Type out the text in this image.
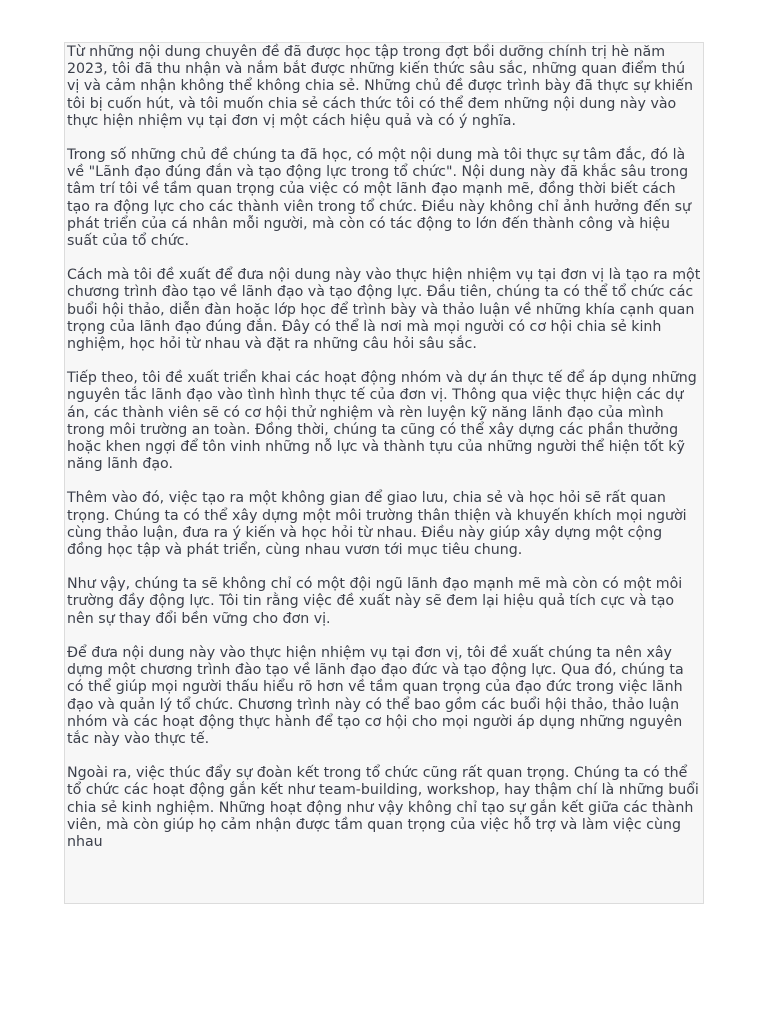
Từ những nội dung chuyên đề đã được học tập trong đợt bồi dưỡng chính trị hè năm 2023, tôi đã thu nhận và nắm bắt được những kiến thức sâu sắc, những quan điểm thú vị và cảm nhận không thể không chia sẻ. Những chủ đề được trình bày đã thực sự khiến tôi bị cuốn hút, và tôi muốn chia sẻ cách thức tôi có thể đem những nội dung này vào thực hiện nhiệm vụ tại đơn vị một cách hiệu quả và có ý nghĩa.

Trong số những chủ đề chúng ta đã học, có một nội dung mà tôi thực sự tâm đắc, đó là về "Lãnh đạo đúng đắn và tạo động lực trong tổ chức". Nội dung này đã khắc sâu trong tâm trí tôi về tầm quan trọng của việc có một lãnh đạo mạnh mẽ, đồng thời biết cách tạo ra động lực cho các thành viên trong tổ chức. Điều này không chỉ ảnh hưởng đến sự phát triển của cá nhân mỗi người, mà còn có tác động to lớn đến thành công và hiệu suất của tổ chức.

Cách mà tôi đề xuất để đưa nội dung này vào thực hiện nhiệm vụ tại đơn vị là tạo ra một chương trình đào tạo về lãnh đạo và tạo động lực. Đầu tiên, chúng ta có thể tổ chức các buổi hội thảo, diễn đàn hoặc lớp học để trình bày và thảo luận về những khía cạnh quan trọng của lãnh đạo đúng đắn. Đây có thể là nơi mà mọi người có cơ hội chia sẻ kinh nghiệm, học hỏi từ nhau và đặt ra những câu hỏi sâu sắc.

Tiếp theo, tôi đề xuất triển khai các hoạt động nhóm và dự án thực tế để áp dụng những nguyên tắc lãnh đạo vào tình hình thực tế của đơn vị. Thông qua việc thực hiện các dự án, các thành viên sẽ có cơ hội thử nghiệm và rèn luyện kỹ năng lãnh đạo của mình trong môi trường an toàn. Đồng thời, chúng ta cũng có thể xây dựng các phần thưởng hoặc khen ngợi để tôn vinh những nỗ lực và thành tựu của những người thể hiện tốt kỹ năng lãnh đạo.

Thêm vào đó, việc tạo ra một không gian để giao lưu, chia sẻ và học hỏi sẽ rất quan trọng. Chúng ta có thể xây dựng một môi trường thân thiện và khuyến khích mọi người cùng thảo luận, đưa ra ý kiến và học hỏi từ nhau. Điều này giúp xây dựng một cộng đồng học tập và phát triển, cùng nhau vươn tới mục tiêu chung.

Như vậy, chúng ta sẽ không chỉ có một đội ngũ lãnh đạo mạnh mẽ mà còn có một môi trường đầy động lực. Tôi tin rằng việc đề xuất này sẽ đem lại hiệu quả tích cực và tạo nên sự thay đổi bền vững cho đơn vị.

Để đưa nội dung này vào thực hiện nhiệm vụ tại đơn vị, tôi đề xuất chúng ta nên xây dựng một chương trình đào tạo về lãnh đạo đạo đức và tạo động lực. Qua đó, chúng ta có thể giúp mọi người thấu hiểu rõ hơn về tầm quan trọng của đạo đức trong việc lãnh đạo và quản lý tổ chức. Chương trình này có thể bao gồm các buổi hội thảo, thảo luận nhóm và các hoạt động thực hành để tạo cơ hội cho mọi người áp dụng những nguyên tắc này vào thực tế.

Ngoài ra, việc thúc đẩy sự đoàn kết trong tổ chức cũng rất quan trọng. Chúng ta có thể tổ chức các hoạt động gắn kết như team-building, workshop, hay thậm chí là những buổi chia sẻ kinh nghiệm. Những hoạt động như vậy không chỉ tạo sự gắn kết giữa các thành viên, mà còn giúp họ cảm nhận được tầm quan trọng của việc hỗ trợ và làm việc cùng nhau
